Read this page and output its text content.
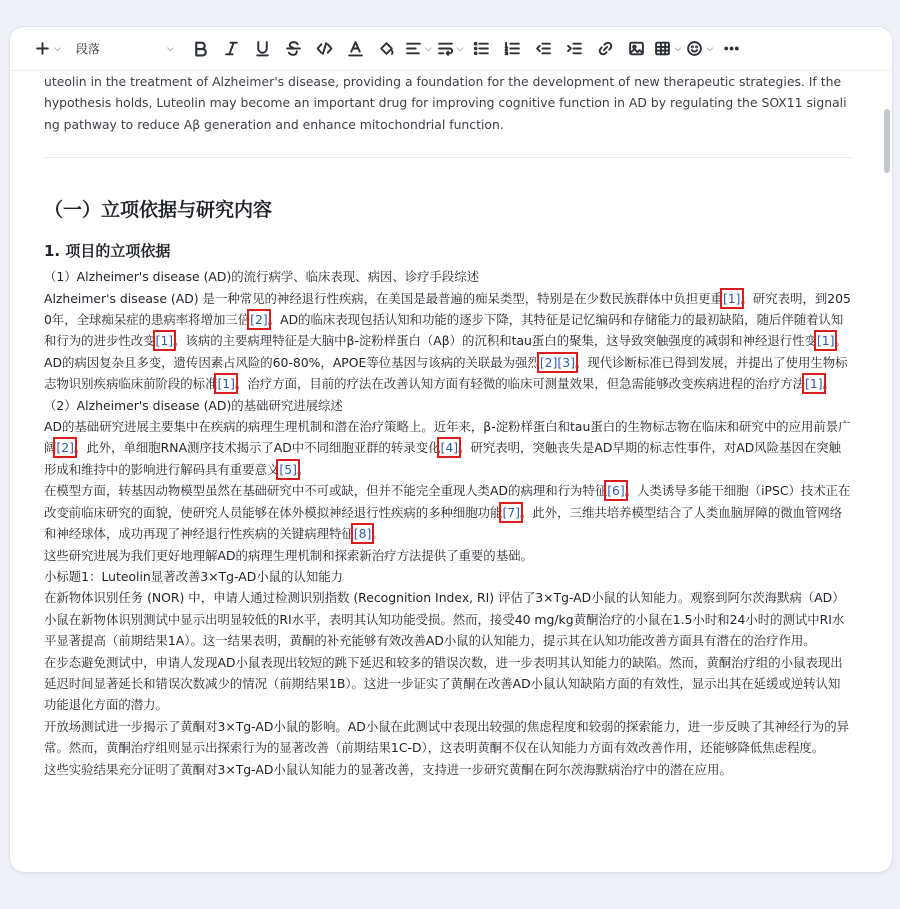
⌵ 段落	⌵	⌵	⌵	⌵	⌵

uteolin in the treatment of Alzheimer's disease, providing a foundation for the development of new therapeutic strategies. If the hypothesis holds, Luteolin may become an important drug for improving cognitive function in AD by regulating the SOX11 signaling pathway to reduce Aβ generation and enhance mitochondrial function.

（一）立项依据与研究内容
1. 项目的立项依据

（1）Alzheimer's disease (AD)的流行病学、临床表现、病因、诊疗手段综述

Alzheimer's disease (AD) 是一种常见的神经退行性疾病，在美国是最普遍的痴呆类型，特别是在少数民族群体中负担更重[1]。研究表明，到2050年，全球痴呆症的患病率将增加三倍[2]。AD的临床表现包括认知和功能的逐步下降，其特征是记忆编码和存储能力的最初缺陷，随后伴随着认知和行为的进步性改变[1]。该病的主要病理特征是大脑中β-淀粉样蛋白（Aβ）的沉积和tau蛋白的聚集，这导致突触强度的减弱和神经退行性变[1]。

AD的病因复杂且多变，遗传因素占风险的60-80%，APOE等位基因与该病的关联最为强烈[2][3]。现代诊断标准已得到发展，并提出了使用生物标志物识别疾病临床前阶段的标准[1]。治疗方面，目前的疗法在改善认知方面有轻微的临床可测量效果，但急需能够改变疾病进程的治疗方法[1]。

（2）Alzheimer's disease (AD)的基础研究进展综述

AD的基础研究进展主要集中在疾病的病理生理机制和潜在治疗策略上。近年来，β-淀粉样蛋白和tau蛋白的生物标志物在临床和研究中的应用前景广阔[2]。此外，单细胞RNA测序技术揭示了AD中不同细胞亚群的转录变化[4]。研究表明，突触丧失是AD早期的标志性事件，对AD风险基因在突触形成和维持中的影响进行解码具有重要意义[5]。

在模型方面，转基因动物模型虽然在基础研究中不可或缺，但并不能完全重现人类AD的病理和行为特征[6]。人类诱导多能干细胞（iPSC）技术正在改变前临床研究的面貌，使研究人员能够在体外模拟神经退行性疾病的多种细胞功能[7]。此外，三维共培养模型结合了人类血脑屏障的微血管网络和神经球体，成功再现了神经退行性疾病的关键病理特征[8]。

这些研究进展为我们更好地理解AD的病理生理机制和探索新治疗方法提供了重要的基础。

小标题1：Luteolin显著改善3×Tg-AD小鼠的认知能力

在新物体识别任务 (NOR) 中，申请人通过检测识别指数 (Recognition Index, RI) 评估了3×Tg-AD小鼠的认知能力。观察到阿尔茨海默病（AD）小鼠在新物体识别测试中显示出明显较低的RI水平，表明其认知功能受损。然而，接受40 mg/kg黄酮治疗的小鼠在1.5小时和24小时的测试中RI水平显著提高（前期结果1A）。这一结果表明，黄酮的补充能够有效改善AD小鼠的认知能力，提示其在认知功能改善方面具有潜在的治疗作用。

在步态避免测试中，申请人发现AD小鼠表现出较短的跳下延迟和较多的错误次数，进一步表明其认知能力的缺陷。然而，黄酮治疗组的小鼠表现出延迟时间显著延长和错误次数减少的情况（前期结果1B）。这进一步证实了黄酮在改善AD小鼠认知缺陷方面的有效性，显示出其在延缓或逆转认知功能退化方面的潜力。

开放场测试进一步揭示了黄酮对3×Tg-AD小鼠的影响。AD小鼠在此测试中表现出较强的焦虑程度和较弱的探索能力，进一步反映了其神经行为的异常。然而，黄酮治疗组则显示出探索行为的显著改善（前期结果1C-D），这表明黄酮不仅在认知能力方面有效改善作用，还能够降低焦虑程度。

这些实验结果充分证明了黄酮对3×Tg-AD小鼠认知能力的显著改善，支持进一步研究黄酮在阿尔茨海默病治疗中的潜在应用。
